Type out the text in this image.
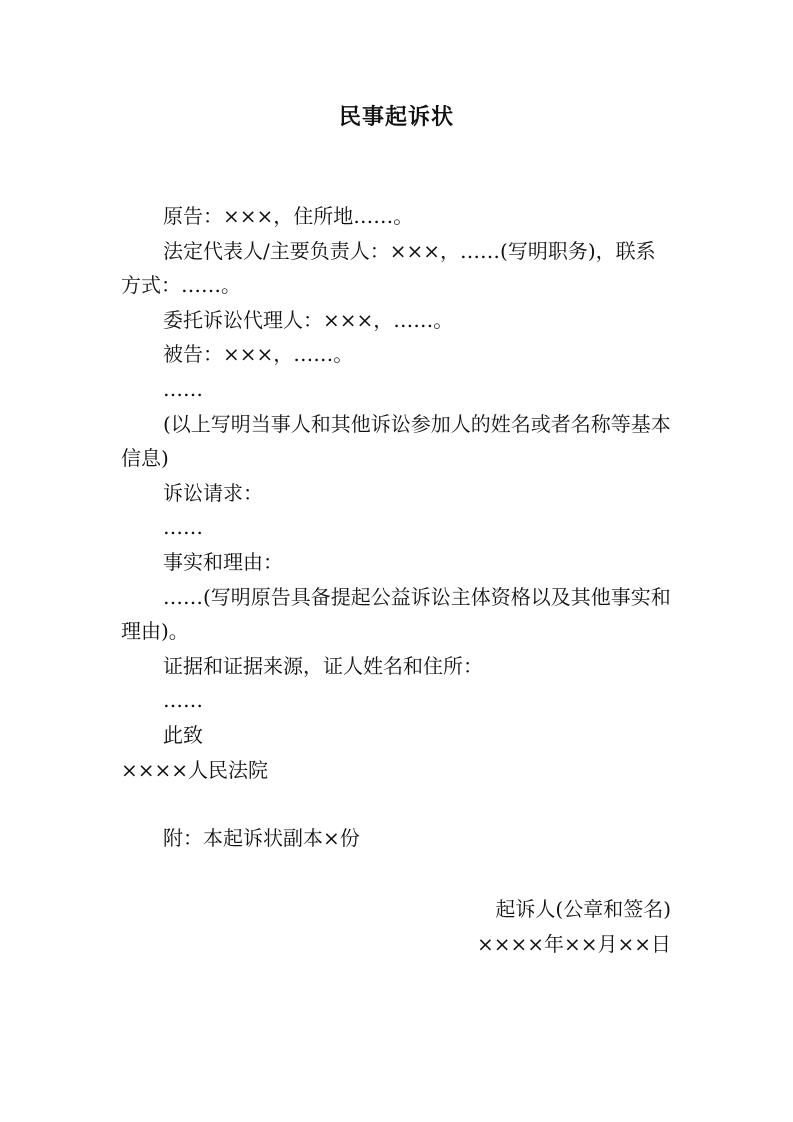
民事起诉状

原告：×××，住所地……。

法定代表人/主要负责人：×××，……(写明职务)，联系方式：……。

委托诉讼代理人：×××，……。

被告：×××，……。

……

(以上写明当事人和其他诉讼参加人的姓名或者名称等基本信息)

诉讼请求：

……

事实和理由：

……(写明原告具备提起公益诉讼主体资格以及其他事实和理由)。

证据和证据来源，证人姓名和住所：

……

此致

××××人民法院

附：本起诉状副本×份

起诉人(公章和签名)
××××年××月××日
